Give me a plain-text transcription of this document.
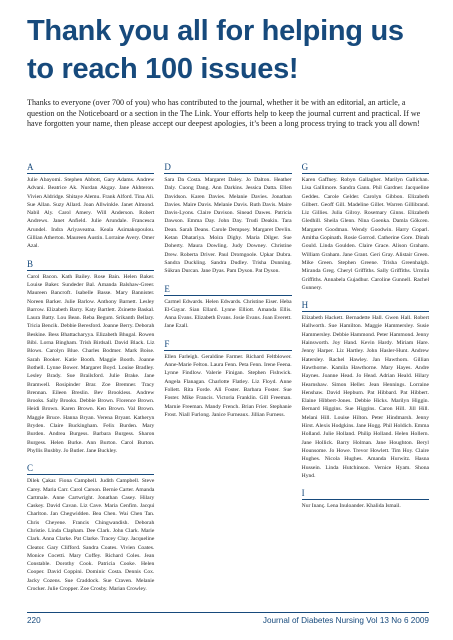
Thank you all for helping us to reach 100 issues!

Thanks to everyone (over 700 of you) who has contributed to the journal, whether it be with an editorial, an article, a question on the Noticeboard or a section in the The Link. Your efforts help to keep the journal current and practical. If we have forgotten your name, then please accept our deepest apologies, it’s been a long process trying to track you all down!

A

Julie Abayomi. Stephen Abbott, Gary Adams. Andrew Advani. Beatrice Ak. Nurdan Akgay. Jane Akhteron. Vivien Aldridge. Shitaye Alemu. Frank Alford. Tina Ali. Sue Allan. Suzy Allard. Joan Allwinkle. Janet Almond. Nabil Aly. Carol Amery. Will Anderson. Robert Andrews. Janet Anfield. Julie Arundale. Francesca Arundel. Indra Ariyaveatna. Keala Asimakopoulou. Gillian Atherton. Maureen Austin. Lorraine Avery. Omer Azal.

B

Carol Bacon. Kath Bailey. Rose Bain. Helen Baker. Louise Baker. Sundeder Bal. Amanda Balshaw-Greer. Maureen Bancroft. Isabelle Basse. Mary Bannister. Noreen Barker. Julie Barlow. Anthony Barnett. Lesley Barrow. Elizabeth Barry. Katy Bartlett. Zsinette Baskal. Laura Batty. Lou Bean. Reba Begum. Srikanth Bellary. Tricia Bencik. Debbie Beresford. Joanne Berry. Deborah Beskine. Bess Bhattacharyya. Elizabeth Bhugal. Rowen Bibi. Lorna Bingham. Trish Birdsall. David Black. Liz Blows. Carolyn Blue. Charles Bodmer. Mark Boise. Sarah Booker. Katie Booth. Maggie Booth. Joanne Bothell. Lynne Bower. Margaret Boyd. Louise Bradley. Lesley Brady. Sue Brailsford. Julie Brake. Jane Bramwell. Rosipinder Brar. Zoe Bremner. Tracy Brennan. Eileen Breslin. Bev Brookless. Andrew Brooks. Sally Brooks. Debbie Brown. Florence Brown. Heidi Brown. Karen Brown. Ken Brown. Val Brown. Maggie Bruce. Hanna Bryan. Verena Bryant. Katheryn Bryden. Claire Buckingham. Felix Burden. Mary Burden. Andrea Burgess. Barbara Burgess. Sharon Burgess. Helen Burke. Ann Burton. Carol Burton. Phyllis Busbby. Jo Butler. Jane Buckley.

C

Dilek Çakar. Fiona Campbell. Judith Campbell. Steve Carey. Maria Carr. Carol Carson. Bernie Carter. Amanda Cartmale. Anne Cartwright. Jonathan Casey. Hilary Caskey. David Cavan. Liz Cave. Maria Cenfim. Jacqui Charlton. Jan Chegwidden. Bea Chen. Wai Chen Tan. Chris Cheyene. Francis Chingwandish. Deborah Christie. Linda Clapham. Dee Clark. John Clark. Marie Clark. Anna Clarke. Pat Clarke. Tracey Clay. Jacqueline Cleator. Gary Clifford. Sandra Coates. Vivien Coates. Monice Cocetti. Mary Coffey. Richard Coles. Jean Constable. Dorothy Cook. Patricia Cooke. Helen Cooper. David Coppini. Dominic Costa. Dennis Cox. Jacky Cozens. Sue Craddock. Sue Craven. Melanie Crocker. Julie Cropper. Zoe Crosby. Marian Crowley.

D

Sara Da Costa. Margaret Daley. Jo Dalton. Heather Daly. Cuong Dang. Ann Darkins. Jessica Datta. Ellen Davidson. Karen Davies. Melanie Davies. Jonathan Davies. Maire Davis. Melanie Davis. Ruth Davis. Maire Davis-Lyons. Claire Davison. Sinead Dawes. Patricia Dawson. Emma Day. John Day. Trudi Deakin. Tara Dean. Sarah Deans. Carole Dempsey. Margaret Devlin. Ketan Dhatariya. Moira Dighy. Maria Dilger. Sue Doherty. Maura Dowling. Judy Downey. Christine Drew. Roberta Driver. Paul Dromgoole. Upkar Dubra. Sandra Duckling. Sandra Dudley. Trisha Dunning. Sükran Durcan. Jane Dyas. Pam Dyson. Pat Dyson.

E

Carmel Edwards. Helen Edwards. Christine Eiser. Heba El-Gayar. Sian Ellard. Lynne Elliott. Amanda Ellis. Anna Evans. Elizabeth Evans. Josie Evans. Joan Everett. Jane Ezall.

F

Ellen Farleigh. Geraldine Farmer. Richard Feltblower. Anne-Marie Felton. Laura Fenn. Peta Fenn. Irene Feena. Lynne Findlow. Valerie Finigan. Stephen Fishwick. Angela Flanagan. Charlotte Flatley. Liz Floyd. Anne Follett. Rita Forde. Ali Foster. Barbara Foster. Sue Foster. Mike Francis. Victoria Franklin. Gill Freeman. Marnie Freeman. Mandy French. Brian Frier. Stephanie Frost. Niall Furlong. Janice Furneaux. Jillian Furness.

G

Karen Gaffney. Robyn Gallagher. Marilyn Gallichan. Lisa Gallimore. Sandra Gann. Phil Gardner. Jacqueline Geddes. Carole Gelder. Carolyn Gibbon. Elizabeth Gilbert. Geoff Gill. Madeline Gillet. Warren Gillibrand. Liz Gillies. Julia Gilroy. Rosemary Ginns. Elizabeth Gledhill. Sheila Glenn. Nina Goenka. Damla Gökcen. Margaret Goodman. Wendy Goodwin. Harry Goparl. Amitha Gopinath. Rosie Gorrod. Catherine Gore. Dinah Gould. Linda Goulden. Claire Grace. Alison Graham. William Graham. Jane Grant. Geri Gray. Alistair Green. Mike Green. Stephen Greene. Trisha Greenhalgh. Miranda Greg. Cheryl Griffiths. Sally Griffiths. Urmila Griffiths. Annabela Gujadhur. Caroline Gunnell. Rachel Gunnery.

H

Elizabeth Hackett. Bernadette Hall. Gwen Hall. Robert Hallworth. Sue Hamilton. Maggie Hammersley. Susie Hammersley. Debbie Hammond. Peter Hammond. Jenny Hainsworth. Joy Hand. Kevin Hardy. Miriam Hare. Jenny Harper. Liz Hartley. John Hasler-Hunt. Andrew Hatersley. Rachel Hawley. Jan Hawthorn. Gillian Hawthorne. Kamila Hawthorne. Mary Hayes. Andre Haynes. Joanne Head. Jo Head. Adrian Heald. Hilary Hearnshaw. Simon Heller. Jean Hennings. Lorraine Henshaw. David Hepburn. Pat Hibbard. Pat Hibbert. Elaine Hibbert-Jones. Debbie Hicks. Marilyn Higgin. Bernard Higgins. Sue Higgins. Caron Hill. Jill Hill. Melani Hill. Louise Hilton. Peter Hindmarsh. Jenny Hirst. Alexis Hodgkins. Jane Hogg. Phil Holdich. Emma Holland. Julie Holland. Philip Holland. Helen Hollern. Jane Hollick. Barry Holman. Jane Houghton. Beryl Hounsome. Jo Howe. Trevor Howlett. Tim Hoy. Claire Hughes. Nicola Hughes. Amanda Hurwitz. Hasna Hussein. Linda Hutchinson. Vernice Hyam. Shona Hynd.

I

Nur Inanç. Lena Inuloander. Khalida Ismail.

220	Journal of Diabetes Nursing Vol 13 No 6 2009
